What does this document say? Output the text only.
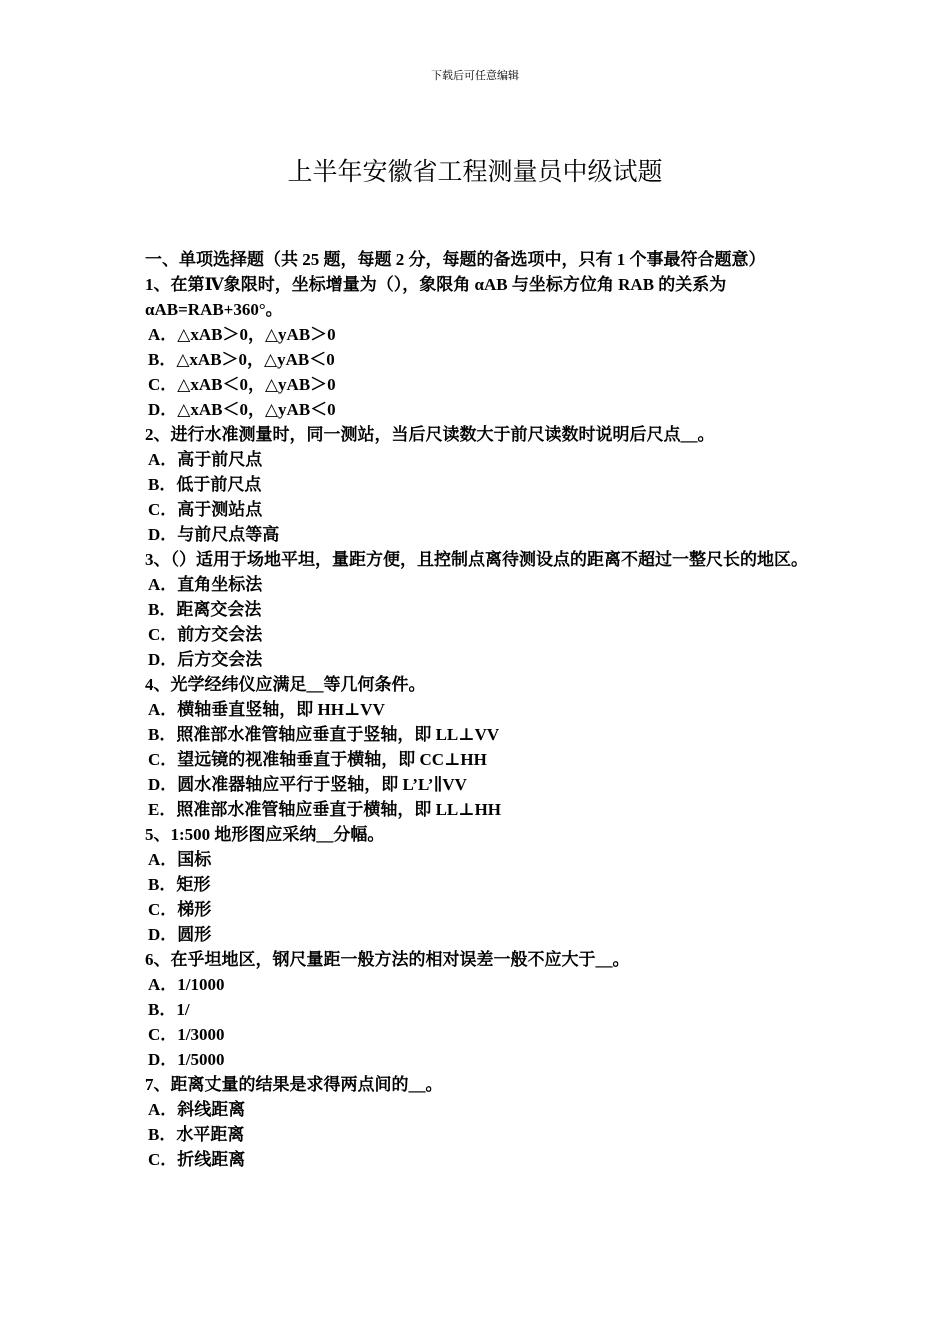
下载后可任意编辑
上半年安徽省工程测量员中级试题

一、单项选择题（共 25 题，每题 2 分，每题的备选项中，只有 1 个事最符合题意）

1、在第Ⅳ象限时，坐标增量为（），象限角 αAB 与坐标方位角 RAB 的关系为 αAB=RAB+360°。

A．△xAB＞0，△yAB＞0
B．△xAB＞0，△yAB＜0
C．△xAB＜0，△yAB＞0
D．△xAB＜0，△yAB＜0

2、进行水准测量时，同一测站，当后尺读数大于前尺读数时说明后尺点__。

A．高于前尺点
B．低于前尺点
C．高于测站点
D．与前尺点等高

3、（）适用于场地平坦，量距方便，且控制点离待测设点的距离不超过一整尺长的地区。

A．直角坐标法
B．距离交会法
C．前方交会法
D．后方交会法

4、光学经纬仪应满足__等几何条件。

A．横轴垂直竖轴，即 HH⊥VV
B．照准部水准管轴应垂直于竖轴，即 LL⊥VV
C．望远镜的视准轴垂直于横轴，即 CC⊥HH
D．圆水准器轴应平行于竖轴，即 L’L’∥VV
E．照准部水准管轴应垂直于横轴，即 LL⊥HH

5、1:500 地形图应采纳__分幅。

A．国标
B．矩形
C．梯形
D．圆形

6、在乎坦地区，钢尺量距一般方法的相对误差一般不应大于__。

A．1/1000
B．1/
C．1/3000
D．1/5000

7、距离丈量的结果是求得两点间的__。

A．斜线距离
B．水平距离
C．折线距离
